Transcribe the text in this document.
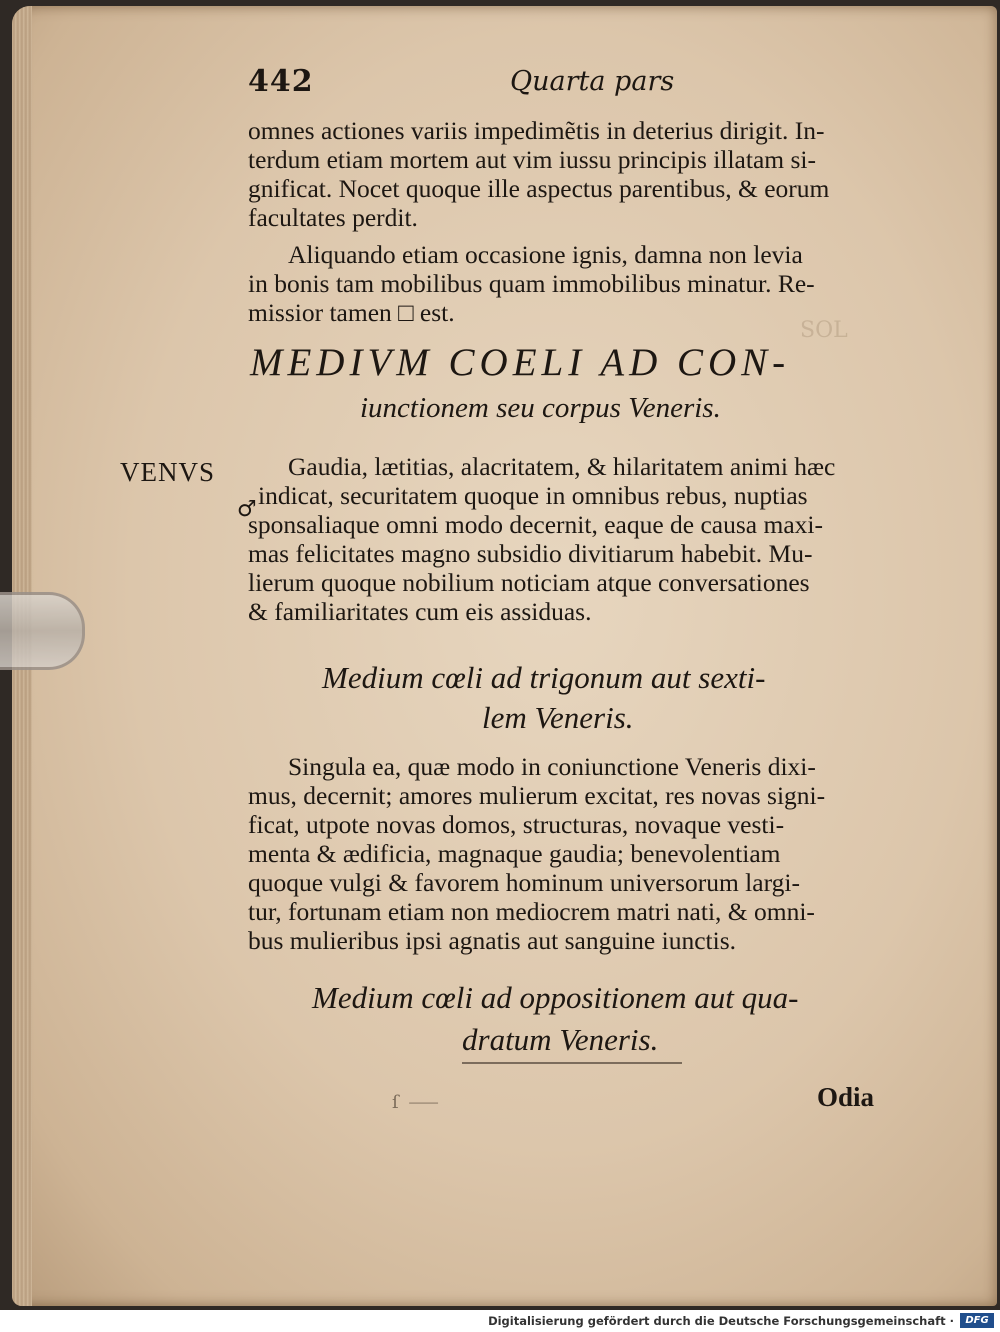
SOL
442	Quarta pars
omnes actiones variis impedimẽtis in deterius dirigit. In-
terdum etiam mortem aut vim iussu principis illatam si-
gnificat. Nocet quoque ille aspectus parentibus, & eorum
facultates perdit.
Aliquando etiam occasione ignis, damna non levia
in bonis tam mobilibus quam immobilibus minatur. Re-
missior tamen □ est.
MEDIVM COELI AD CON-
iunctionem seu corpus Veneris.
VENVS
♂
Gaudia, lætitias, alacritatem, & hilaritatem animi hæc
indicat, securitatem quoque in omnibus rebus, nuptias
sponsaliaque omni modo decernit, eaque de causa maxi-
mas felicitates magno subsidio divitiarum habebit. Mu-
lierum quoque nobilium noticiam atque conversationes
& familiaritates cum eis assiduas.
Medium cœli ad trigonum aut sexti-
lem Veneris.
Singula ea, quæ modo in coniunctione Veneris dixi-
mus, decernit; amores mulierum excitat, res novas signi-
ficat, utpote novas domos, structuras, novaque vesti-
menta & ædificia, magnaque gaudia; benevolentiam
quoque vulgi & favorem hominum universorum largi-
tur, fortunam etiam non mediocrem matri nati, & omni-
bus mulieribus ipsi agnatis aut sanguine iunctis.
Medium cœli ad oppositionem aut qua-
dratum Veneris.
ſ ⸺	Odia
Digitalisierung gefördert durch die Deutsche Forschungsgemeinschaft ·	DFG
